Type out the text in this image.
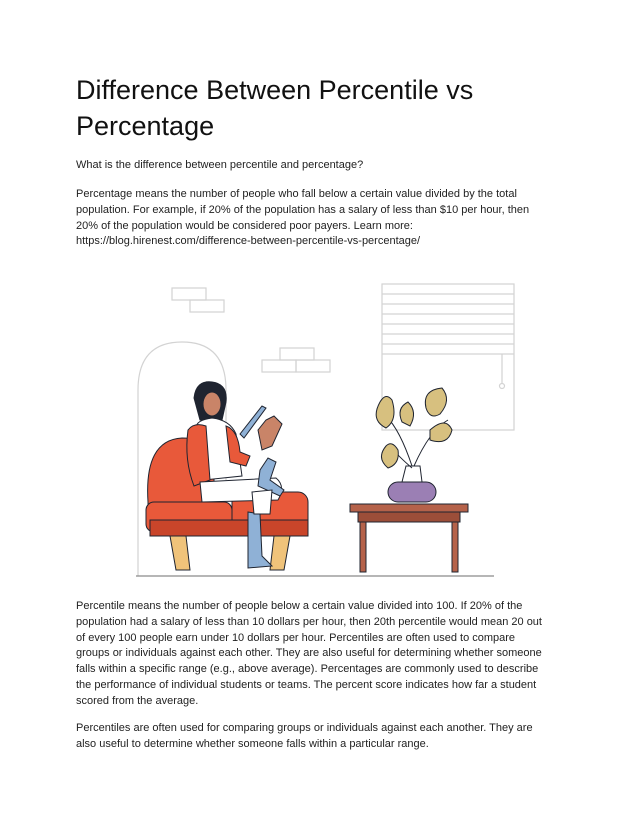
Difference Between Percentile vs
Percentage

What is the difference between percentile and percentage?

Percentage means the number of people who fall below a certain value divided by the total
population. For example, if 20% of the population has a salary of less than $10 per hour, then
20% of the population would be considered poor payers. Learn more:
https://blog.hirenest.com/difference-between-percentile-vs-percentage/

Percentile means the number of people below a certain value divided into 100. If 20% of the
population had a salary of less than 10 dollars per hour, then 20th percentile would mean 20 out
of every 100 people earn under 10 dollars per hour. Percentiles are often used to compare
groups or individuals against each other. They are also useful for determining whether someone
falls within a specific range (e.g., above average). Percentages are commonly used to describe
the performance of individual students or teams. The percent score indicates how far a student
scored from the average.

Percentiles are often used for comparing groups or individuals against each another. They are
also useful to determine whether someone falls within a particular range.
